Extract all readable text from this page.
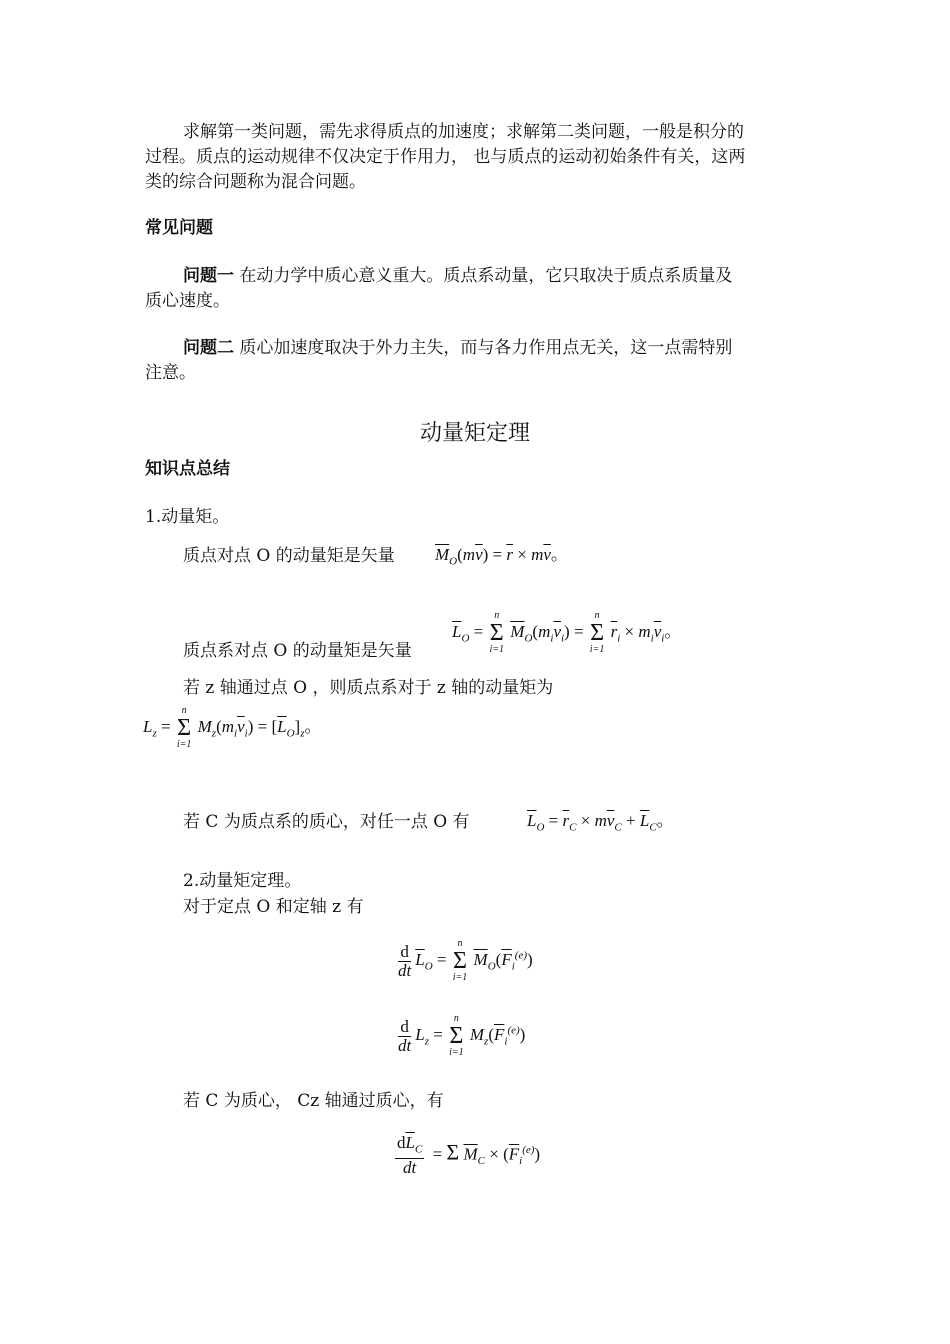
求解第一类问题，需先求得质点的加速度；求解第二类问题，一般是积分的
过程。质点的运动规律不仅决定于作用力， 也与质点的运动初始条件有关，这两
类的综合问题称为混合问题。
常见问题
问题一 在动力学中质心意义重大。质点系动量，它只取决于质点系质量及
质心速度。
问题二 质心加速度取决于外力主失，而与各力作用点无关，这一点需特别
注意。
动量矩定理
知识点总结
1.动量矩。
质点对点 O 的动量矩是矢量 $\overline{M}_O(m\overline{v}) = \overline{r} \times m\overline{v}$。
质点系对点 O 的动量矩是矢量
$\overline{L}_O$ =
n
Σ
i=1
$\overline{M}_O(m_i\overline{v}_i)$ =
n
Σ
i=1
$\overline{r}_i \times m_i\overline{v}_i$。
若 z 轴通过点 O ，则质点系对于 z 轴的动量矩为
$L_z$ =
n
Σ
i=1
$M_z(m_i\overline{v}_i) = [\overline{L}_O]_z$。
若 C 为质点系的质心，对任一点 O 有	$\overline{L}_O = \overline{r}_C \times m\overline{v}_C + \overline{L}_C$。
2.动量矩定理。
对于定点 O 和定轴 z 有
$\frac{d}{dt} \overline{L}_O$ =
n
Σ
i=1
$\overline{M}_O(\overline{F}_i^{(e)})$
$\frac{d}{dt} L_z$ =
n
Σ
i=1
$M_z(\overline{F}_i^{(e)})$
若 C 为质心， Cz 轴通过质心，有
$\frac{d\overline{L}_C}{dt} = \Sigma$ $\overline{M}_C \times (\overline{F}_i^{(e)})$
